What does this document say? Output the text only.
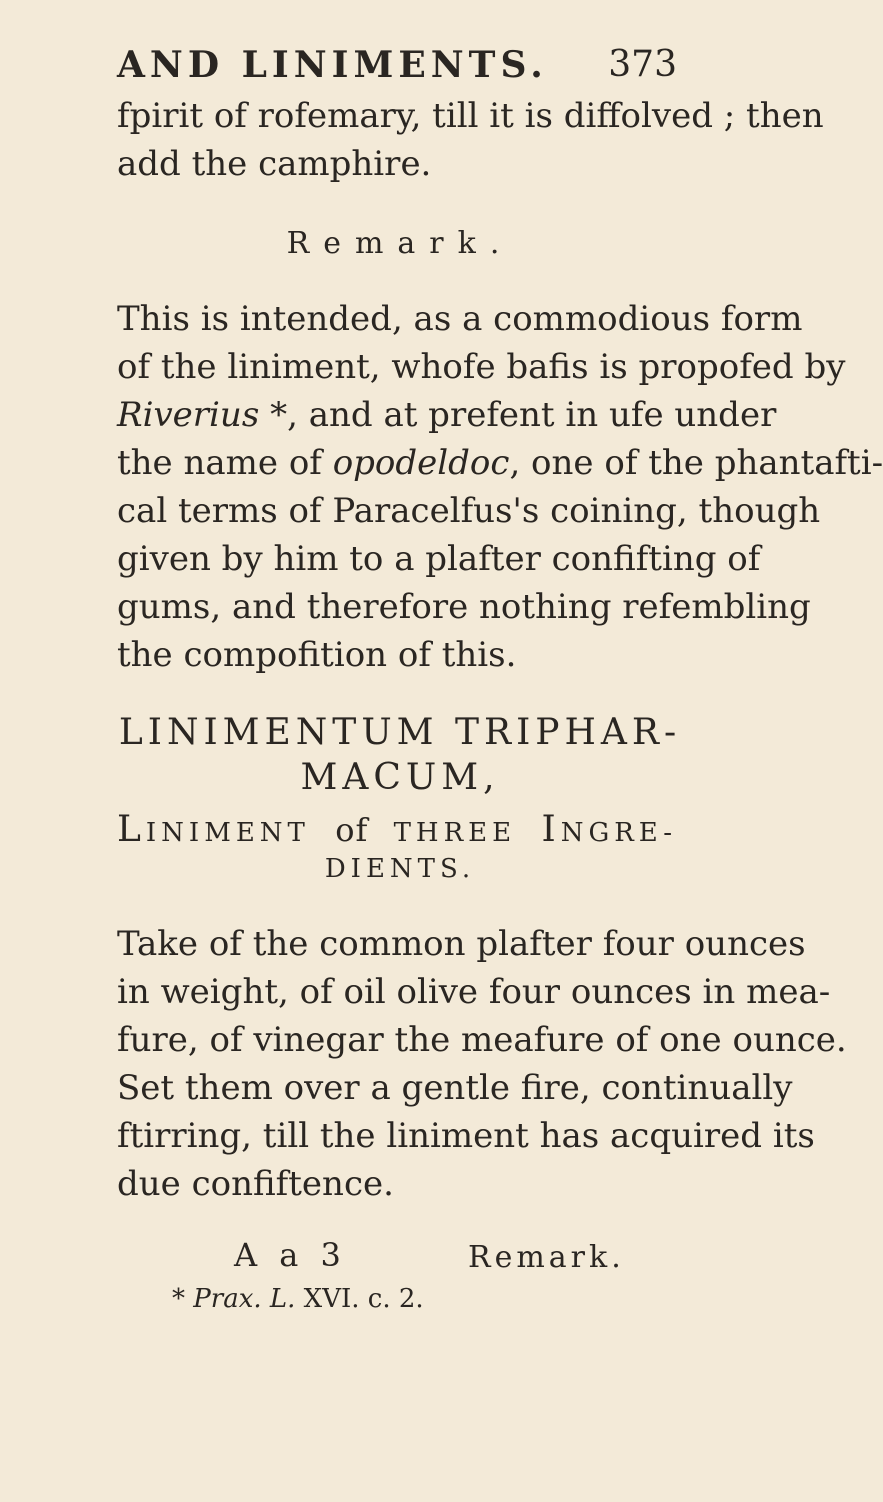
AND LINIMENTS. 373
fpirit of rofemary, till it is diffolved ; then
add the camphire.
Remark.
This is intended, as a commodious form
of the liniment, whofe bafis is propofed by
Riverius *, and at prefent in ufe under
the name of opodeldoc, one of the phantafti-
cal terms of Paracelfus's coining, though
given by him to a plafter confifting of
gums, and therefore nothing refembling
the compofition of this.
LINIMENTUM TRIPHAR-
MACUM,
LINIMENT of THREE INGRE-
DIENTS.
Take of the common plafter four ounces
in weight, of oil olive four ounces in mea-
fure, of vinegar the meafure of one ounce.
Set them over a gentle fire, continually
ftirring, till the liniment has acquired its
due confiftence.
A a 3	Remark.
* Prax. L. XVI. c. 2.
